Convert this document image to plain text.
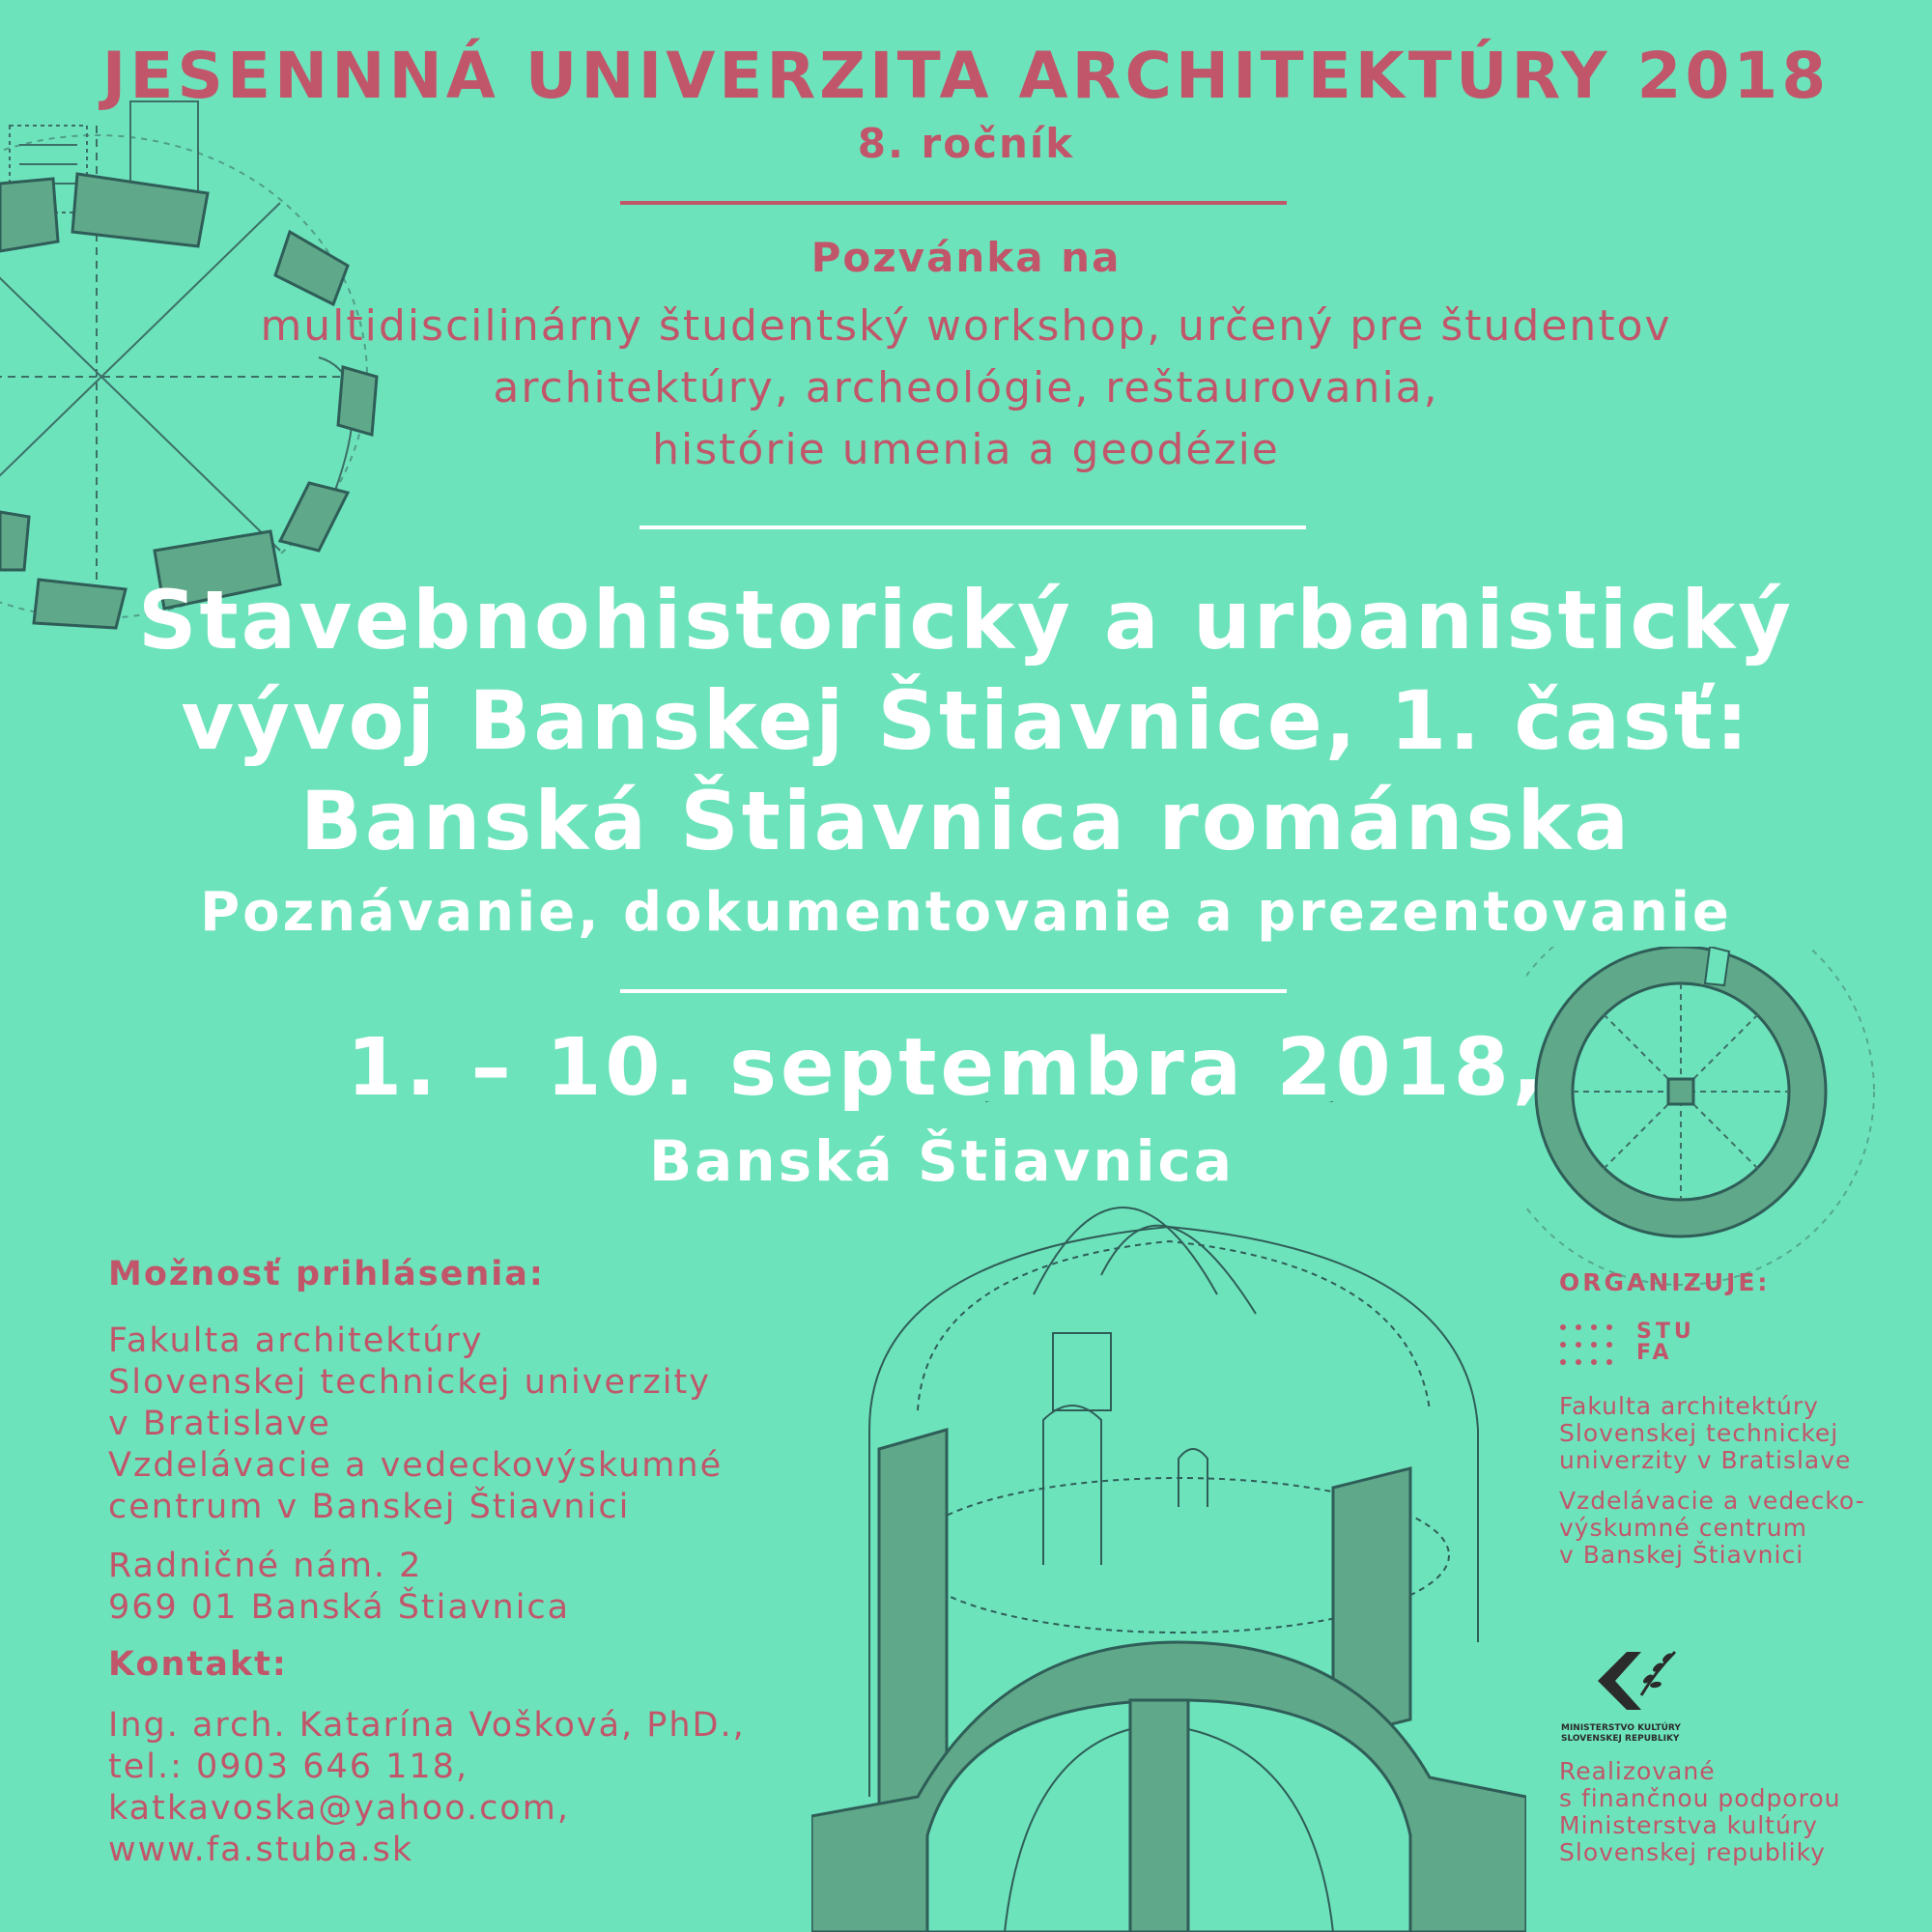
JESENNNÁ UNIVERZITA ARCHITEKTÚRY 2018
8. ročník
Pozvánka na
multidiscilinárny študentský workshop, určený pre študentov
architektúry, archeológie, reštaurovania,
histórie umenia a geodézie
Stavebnohistorický a urbanistický
vývoj Banskej Štiavnice, 1. časť:
Banská Štiavnica románska
Poznávanie, dokumentovanie a prezentovanie
1. – 10. septembra 2018,
Banská Štiavnica
Možnosť prihlásenia:
Fakulta architektúry
Slovenskej technickej univerzity
v Bratislave
Vzdelávacie a vedeckovýskumné
centrum v Banskej Štiavnici
Radničné nám. 2
969 01 Banská Štiavnica
Kontakt:
Ing. arch. Katarína Vošková, PhD.,
tel.: 0903 646 118,
katkavoska@yahoo.com,
www.fa.stuba.sk
ORGANIZUJE:
STU
FA
Fakulta architektúry
Slovenskej technickej
univerzity v Bratislave
Vzdelávacie a vedecko-
výskumné centrum
v Banskej Štiavnici
MINISTERSTVO KULTÚRY
SLOVENSKEJ REPUBLIKY
Realizované
s finančnou podporou
Ministerstva kultúry
Slovenskej republiky
